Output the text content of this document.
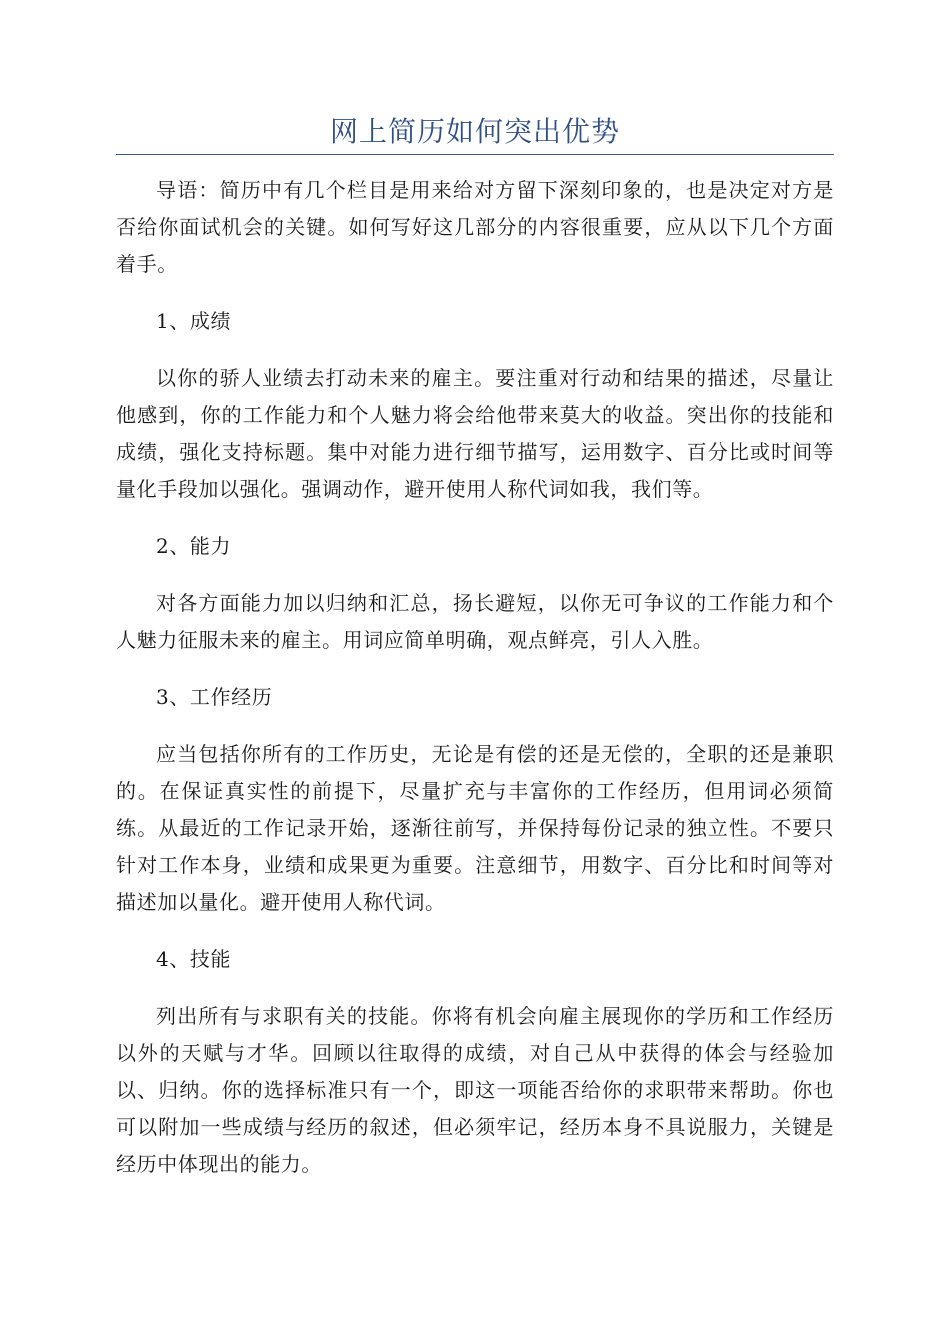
网上简历如何突出优势

导语：简历中有几个栏目是用来给对方留下深刻印象的，也是决定对方是否给你面试机会的关键。如何写好这几部分的内容很重要，应从以下几个方面着手。

1、成绩

以你的骄人业绩去打动未来的雇主。要注重对行动和结果的描述，尽量让他感到，你的工作能力和个人魅力将会给他带来莫大的收益。突出你的技能和成绩，强化支持标题。集中对能力进行细节描写，运用数字、百分比或时间等量化手段加以强化。强调动作，避开使用人称代词如我，我们等。

2、能力

对各方面能力加以归纳和汇总，扬长避短，以你无可争议的工作能力和个人魅力征服未来的雇主。用词应简单明确，观点鲜亮，引人入胜。

3、工作经历

应当包括你所有的工作历史，无论是有偿的还是无偿的，全职的还是兼职的。在保证真实性的前提下，尽量扩充与丰富你的工作经历，但用词必须简练。从最近的工作记录开始，逐渐往前写，并保持每份记录的独立性。不要只针对工作本身，业绩和成果更为重要。注意细节，用数字、百分比和时间等对描述加以量化。避开使用人称代词。

4、技能

列出所有与求职有关的技能。你将有机会向雇主展现你的学历和工作经历以外的天赋与才华。回顾以往取得的成绩，对自己从中获得的体会与经验加以、归纳。你的选择标准只有一个，即这一项能否给你的求职带来帮助。你也可以附加一些成绩与经历的叙述，但必须牢记，经历本身不具说服力，关键是经历中体现出的能力。
